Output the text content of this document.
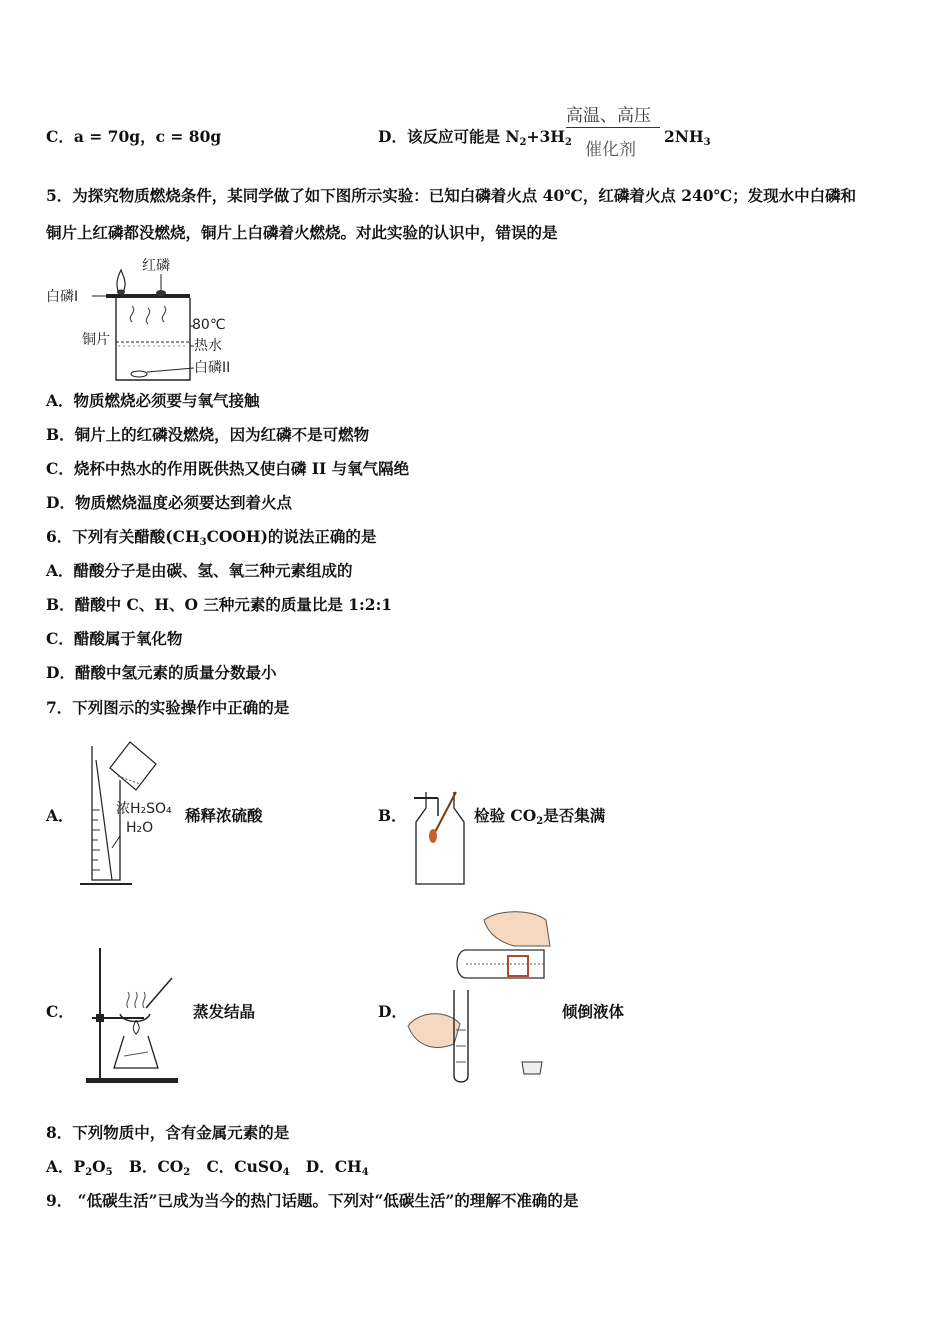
C．a = 70g，c = 80g	D．该反应可能是 $N_2+3H_2$
高温、高压
催化剂
$2NH_3$
5．为探究物质燃烧条件，某同学做了如下图所示实验：已知白磷着火点 40℃，红磷着火点 240℃；发现水中白磷和
铜片上红磷都没燃烧，铜片上白磷着火燃烧。对此实验的认识中，错误的是
红磷
白磷Ⅰ
铜片
80℃
热水
白磷II
A．物质燃烧必须要与氧气接触
B．铜片上的红磷没燃烧，因为红磷不是可燃物
C．烧杯中热水的作用既供热又使白磷 II 与氧气隔绝
D．物质燃烧温度必须要达到着火点
6．下列有关醋酸$(CH_3COOH)$的说法正确的是
A．醋酸分子是由碳、氢、氧三种元素组成的
B．醋酸中 C、H、O 三种元素的质量比是 1:2:1
C．醋酸属于氧化物
D．醋酸中氢元素的质量分数最小
7．下列图示的实验操作中正确的是
A．	浓H₂SO₄
H₂O
稀释浓硫酸	B．	检验 $CO_2$是否集满
C．	蒸发结晶	D．	倾倒液体
8．下列物质中，含有金属元素的是
A．$P_2O_5$ B．$CO_2$ C．CuSO$_4$ D．$CH_4$
9． “低碳生活”已成为当今的热门话题。下列对“低碳生活”的理解不准确的是
